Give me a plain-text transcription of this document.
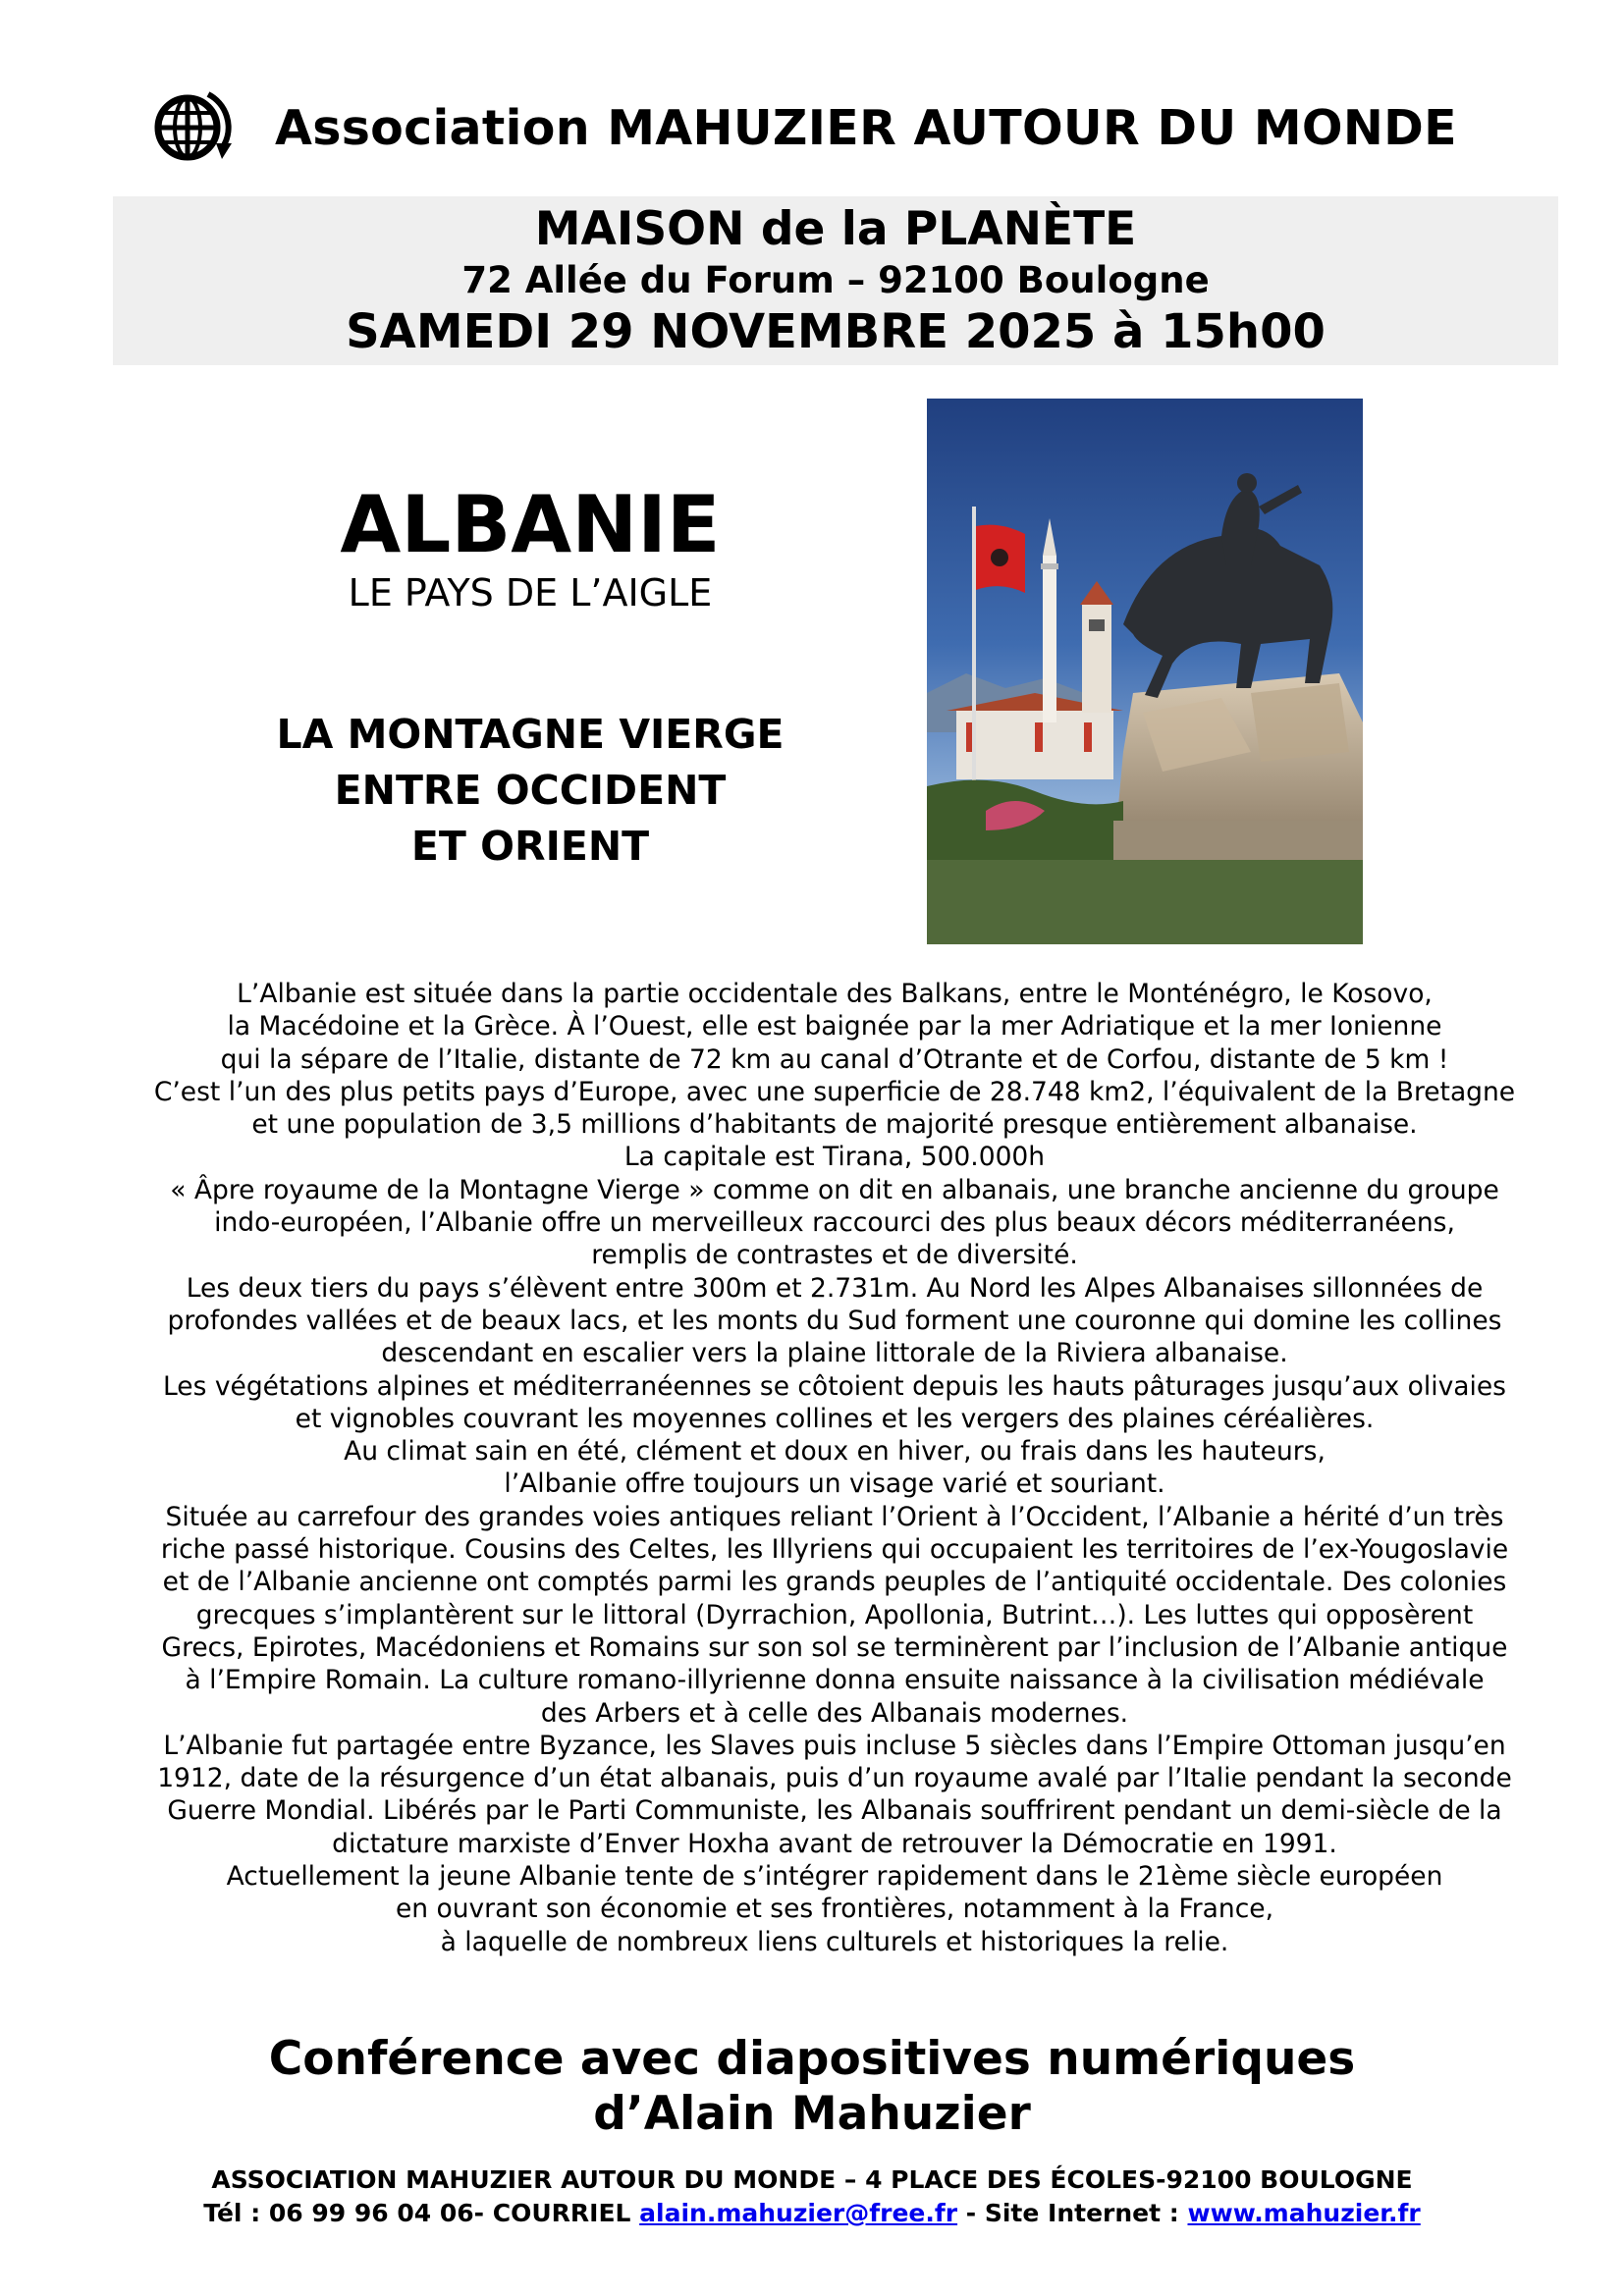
Association MAHUZIER AUTOUR DU MONDE
MAISON de la PLANÈTE
72 Allée du Forum – 92100 Boulogne
SAMEDI 29 NOVEMBRE 2025 à 15h00
ALBANIE
LE PAYS DE L’AIGLE
LA MONTAGNE VIERGE
ENTRE OCCIDENT
ET ORIENT
L’Albanie est située dans la partie occidentale des Balkans, entre le Monténégro, le Kosovo,
la Macédoine et la Grèce. À l’Ouest, elle est baignée par la mer Adriatique et la mer Ionienne
qui la sépare de l’Italie, distante de 72 km au canal d’Otrante et de Corfou, distante de 5 km !
C’est l’un des plus petits pays d’Europe, avec une superficie de 28.748 km2, l’équivalent de la Bretagne
et une population de 3,5 millions d’habitants de majorité presque entièrement albanaise.
La capitale est Tirana, 500.000h
« Âpre royaume de la Montagne Vierge » comme on dit en albanais, une branche ancienne du groupe
indo-européen, l’Albanie offre un merveilleux raccourci des plus beaux décors méditerranéens,
remplis de contrastes et de diversité.
Les deux tiers du pays s’élèvent entre 300m et 2.731m. Au Nord les Alpes Albanaises sillonnées de
profondes vallées et de beaux lacs, et les monts du Sud forment une couronne qui domine les collines
descendant en escalier vers la plaine littorale de la Riviera albanaise.
Les végétations alpines et méditerranéennes se côtoient depuis les hauts pâturages jusqu’aux olivaies
et vignobles couvrant les moyennes collines et les vergers des plaines céréalières.
Au climat sain en été, clément et doux en hiver, ou frais dans les hauteurs,
l’Albanie offre toujours un visage varié et souriant.
Située au carrefour des grandes voies antiques reliant l’Orient à l’Occident, l’Albanie a hérité d’un très
riche passé historique. Cousins des Celtes, les Illyriens qui occupaient les territoires de l’ex-Yougoslavie
et de l’Albanie ancienne ont comptés parmi les grands peuples de l’antiquité occidentale. Des colonies
grecques s’implantèrent sur le littoral (Dyrrachion, Apollonia, Butrint…). Les luttes qui opposèrent
Grecs, Epirotes, Macédoniens et Romains sur son sol se terminèrent par l’inclusion de l’Albanie antique
à l’Empire Romain. La culture romano-illyrienne donna ensuite naissance à la civilisation médiévale
des Arbers et à celle des Albanais modernes.
L’Albanie fut partagée entre Byzance, les Slaves puis incluse 5 siècles dans l’Empire Ottoman jusqu’en
1912, date de la résurgence d’un état albanais, puis d’un royaume avalé par l’Italie pendant la seconde
Guerre Mondial. Libérés par le Parti Communiste, les Albanais souffrirent pendant un demi-siècle de la
dictature marxiste d’Enver Hoxha avant de retrouver la Démocratie en 1991.
Actuellement la jeune Albanie tente de s’intégrer rapidement dans le 21ème siècle européen
en ouvrant son économie et ses frontières, notamment à la France,
à laquelle de nombreux liens culturels et historiques la relie.
Conférence avec diapositives numériques
d’Alain Mahuzier
ASSOCIATION MAHUZIER AUTOUR DU MONDE – 4 PLACE DES ÉCOLES-92100 BOULOGNE
Tél : 06 99 96 04 06- COURRIEL alain.mahuzier@free.fr - Site Internet : www.mahuzier.fr
